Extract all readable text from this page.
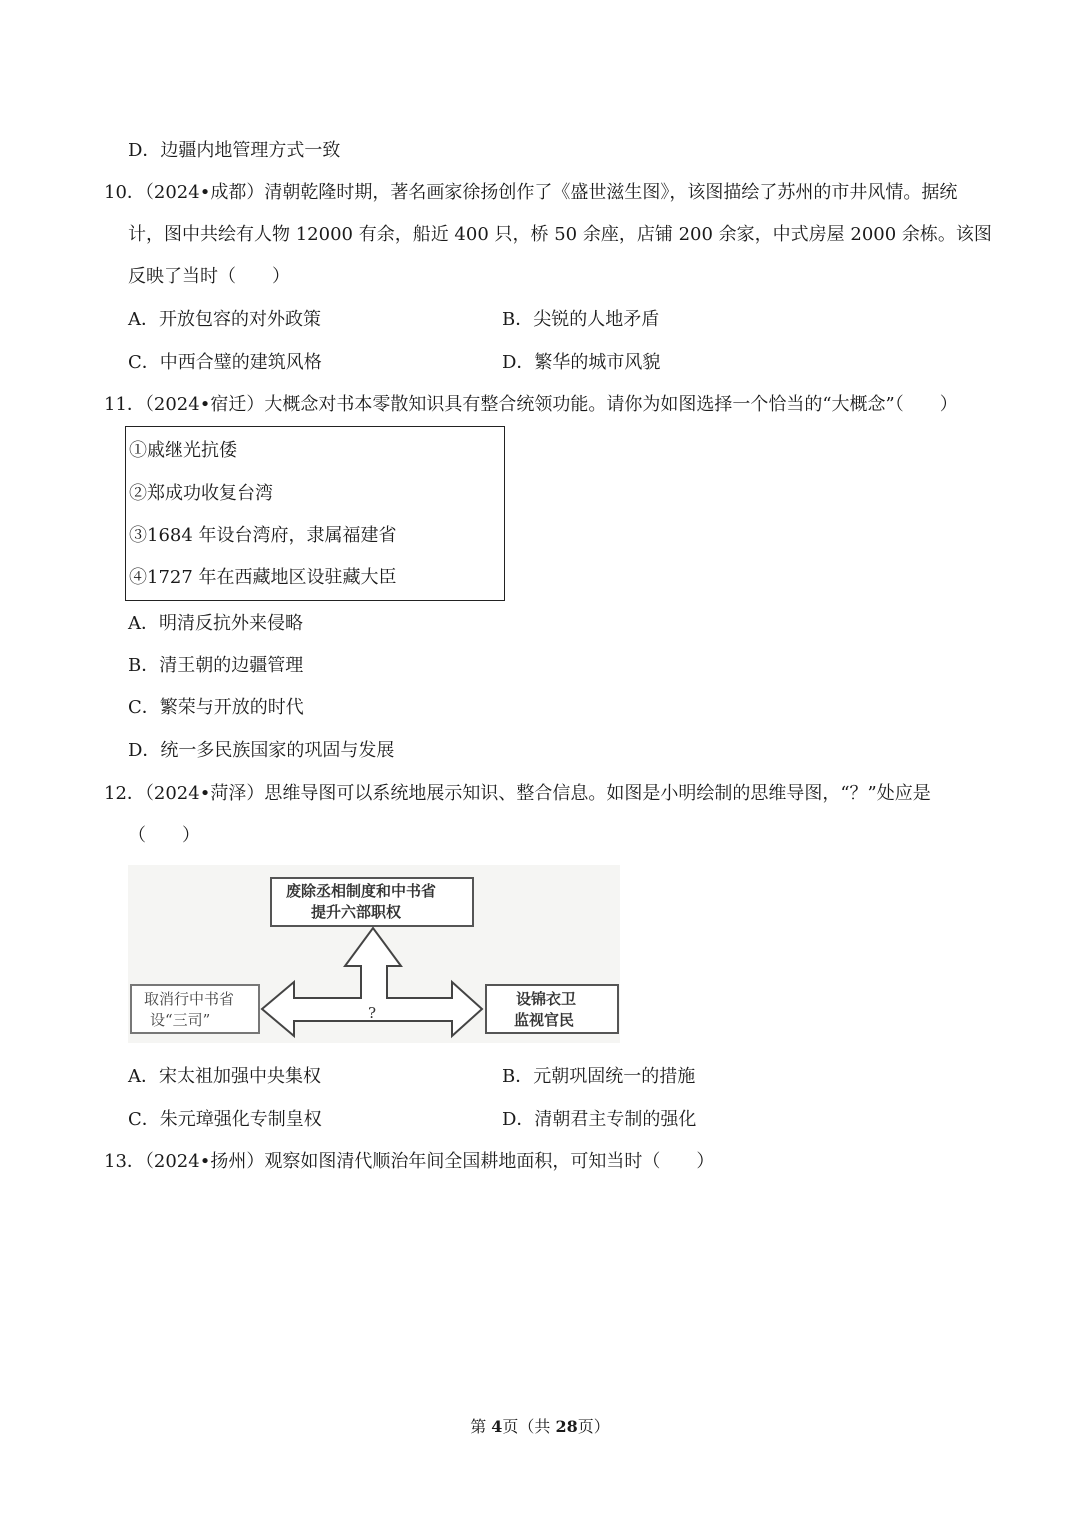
D．边疆内地管理方式一致
10．（2024•成都）清朝乾隆时期，著名画家徐扬创作了《盛世滋生图》，该图描绘了苏州的市井风情。据统
计，图中共绘有人物 12000 有余，船近 400 只，桥 50 余座，店铺 200 余家，中式房屋 2000 余栋。该图
反映了当时（　　）
A．开放包容的对外政策	B．尖锐的人地矛盾
C．中西合璧的建筑风格	D．繁华的城市风貌
11．（2024•宿迁）大概念对书本零散知识具有整合统领功能。请你为如图选择一个恰当的“大概念”（　　）
①戚继光抗倭
②郑成功收复台湾
③1684 年设台湾府，隶属福建省
④1727 年在西藏地区设驻藏大臣
A．明清反抗外来侵略
B．清王朝的边疆管理
C．繁荣与开放的时代
D．统一多民族国家的巩固与发展
12．（2024•菏泽）思维导图可以系统地展示知识、整合信息。如图是小明绘制的思维导图，“？”处应是
（　　）
废除丞相制度和中书省
提升六部职权
取消行中书省
设“三司”
设锦衣卫
监视官民
?
A．宋太祖加强中央集权	B．元朝巩固统一的措施
C．朱元璋强化专制皇权	D．清朝君主专制的强化
13．（2024•扬州）观察如图清代顺治年间全国耕地面积，可知当时（　　）
第 4页（共 28页）
